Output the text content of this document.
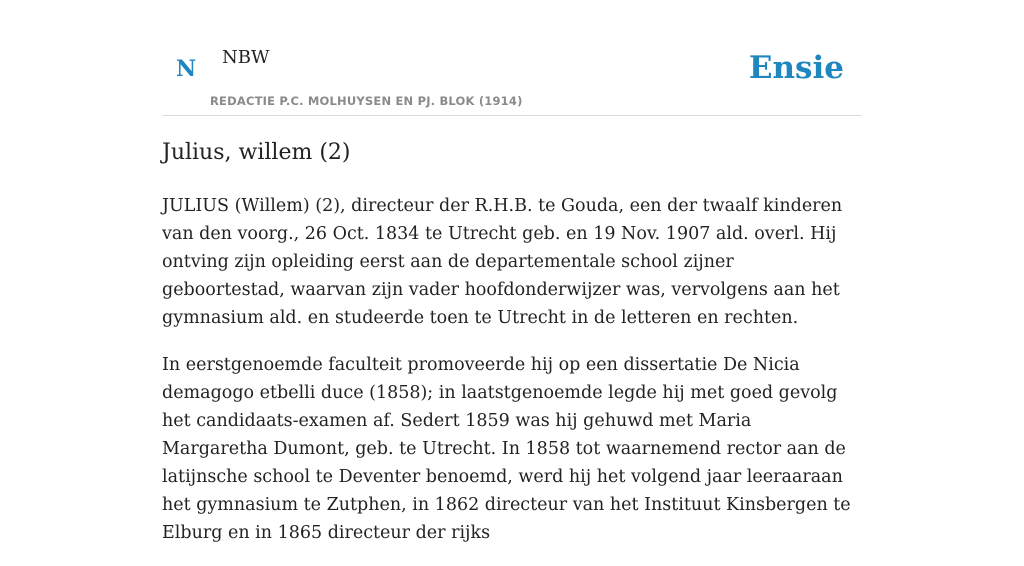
N NBW
REDACTIE P.C. MOLHUYSEN EN PJ. BLOK (1914)
Ensie
Julius, willem (2)

JULIUS (Willem) (2), directeur der R.H.B. te Gouda, een der twaalf kinderen van den voorg., 26 Oct. 1834 te Utrecht geb. en 19 Nov. 1907 ald. overl. Hij ontving zijn opleiding eerst aan de departementale school zijner geboortestad, waarvan zijn vader hoofdonderwijzer was, vervolgens aan het gymnasium ald. en studeerde toen te Utrecht in de letteren en rechten.

In eerstgenoemde faculteit promoveerde hij op een dissertatie De Nicia demagogo etbelli duce (1858); in laatstgenoemde legde hij met goed gevolg het candidaats-examen af. Sedert 1859 was hij gehuwd met Maria Margaretha Dumont, geb. te Utrecht. In 1858 tot waarnemend rector aan de latijnsche school te Deventer benoemd, werd hij het volgend jaar leeraaraan het gymnasium te Zutphen, in 1862 directeur van het Instituut Kinsbergen te Elburg en in 1865 directeur der rijks
